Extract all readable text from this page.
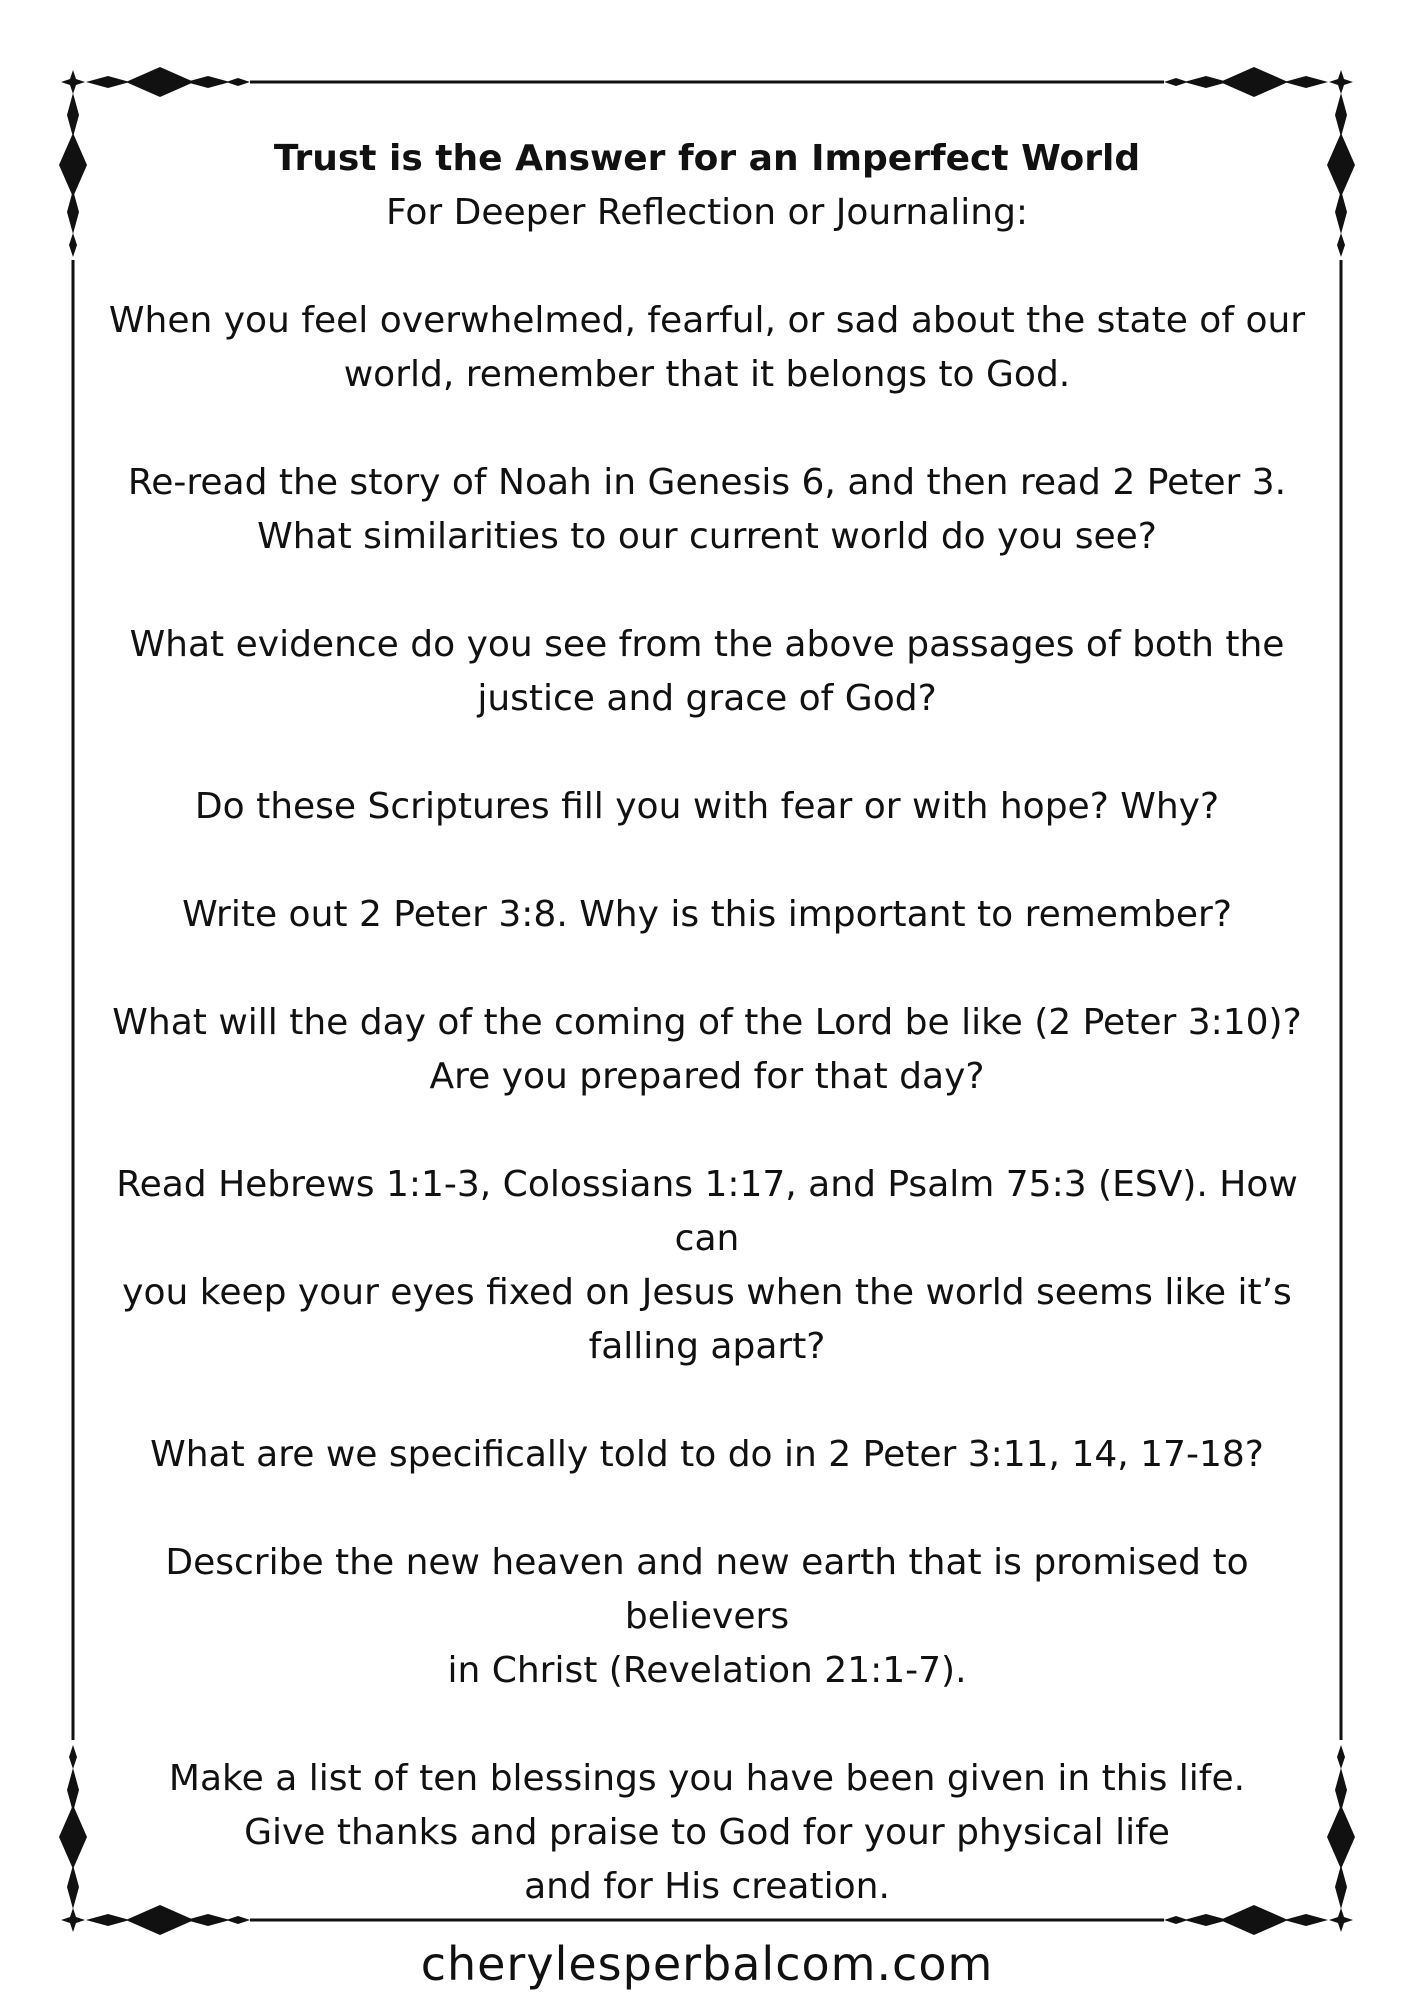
Trust is the Answer for an Imperfect World

For Deeper Reflection or Journaling:

When you feel overwhelmed, fearful, or sad about the state of our
world, remember that it belongs to God.

Re-read the story of Noah in Genesis 6, and then read 2 Peter 3.
What similarities to our current world do you see?

What evidence do you see from the above passages of both the
justice and grace of God?

Do these Scriptures fill you with fear or with hope? Why?

Write out 2 Peter 3:8. Why is this important to remember?

What will the day of the coming of the Lord be like (2 Peter 3:10)?
Are you prepared for that day?

Read Hebrews 1:1-3, Colossians 1:17, and Psalm 75:3 (ESV). How can
you keep your eyes fixed on Jesus when the world seems like it’s
falling apart?

What are we specifically told to do in 2 Peter 3:11, 14, 17-18?

Describe the new heaven and new earth that is promised to believers
in Christ (Revelation 21:1-7).

Make a list of ten blessings you have been given in this life.
Give thanks and praise to God for your physical life
and for His creation.

cherylesperbalcom.com
